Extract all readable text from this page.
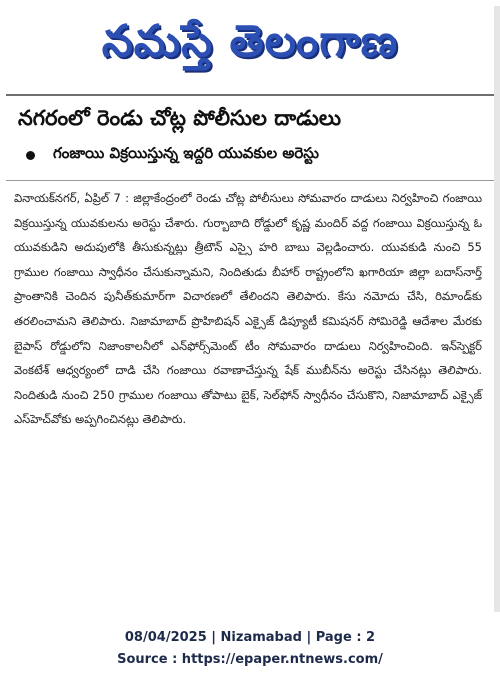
నమస్తే తెలంగాణ
నగరంలో రెండు చోట్ల పోలీసుల దాడులు
గంజాయి విక్రయిస్తున్న ఇద్దరి యువకుల అరెస్టు
వినాయక్‌నగర్, ఏప్రిల్ 7 : జిల్లాకేంద్రంలో రెండు చోట్ల పోలీసులు సోమవారం దాడులు నిర్వహించి గంజాయి విక్రయిస్తున్న యువకులను అరెస్టు చేశారు. గుర్బాబాది రోడ్డులో కృష్ణ మందిర్ వద్ద గంజాయి విక్రయిస్తున్న ఓ యువకుడిని అదుపులోకి తీసుకున్నట్లు త్రీటౌన్ ఎస్సై హరి బాబు వెల్లడించారు. యువకుడి నుంచి 55 గ్రాముల గంజాయి స్వాధీనం చేసుకున్నామని, నిందితుడు బీహార్ రాష్ట్రంలోని ఖగారియా జిల్లా బదాస్‌నార్త్ ప్రాంతానికి చెందిన పునీత్‌కుమార్‌గా విచారణలో తేలిందని తెలిపారు. కేసు నమోదు చేసి, రిమాండ్‌కు తరలించామని తెలిపారు. నిజామాబాద్ ప్రొహిబిషన్ ఎక్సైజ్ డిప్యూటీ కమిషనర్ సోమిరెడ్డి ఆదేశాల మేరకు బైపాస్ రోడ్డులోని నిజాంకాలనీలో ఎన్‌ఫోర్స్‌మెంట్ టీం సోమవారం దాడులు నిర్వహించింది. ఇన్‌స్పెక్టర్ వెంకటేశ్ ఆధ్వర్యంలో దాడి చేసి గంజాయి రవాణాచేస్తున్న షేక్ ముబీన్‌ను అరెస్టు చేసినట్లు తెలిపారు. నిందితుడి నుంచి 250 గ్రాముల గంజాయి తోపాటు బైక్, సెల్‌ఫోన్ స్వాధీనం చేసుకొని, నిజామాబాద్ ఎక్సైజ్ ఎస్‌హెచ్‌వోకు అప్పగించినట్లు తెలిపారు.

08/04/2025 | Nizamabad | Page : 2
Source : https://epaper.ntnews.com/
